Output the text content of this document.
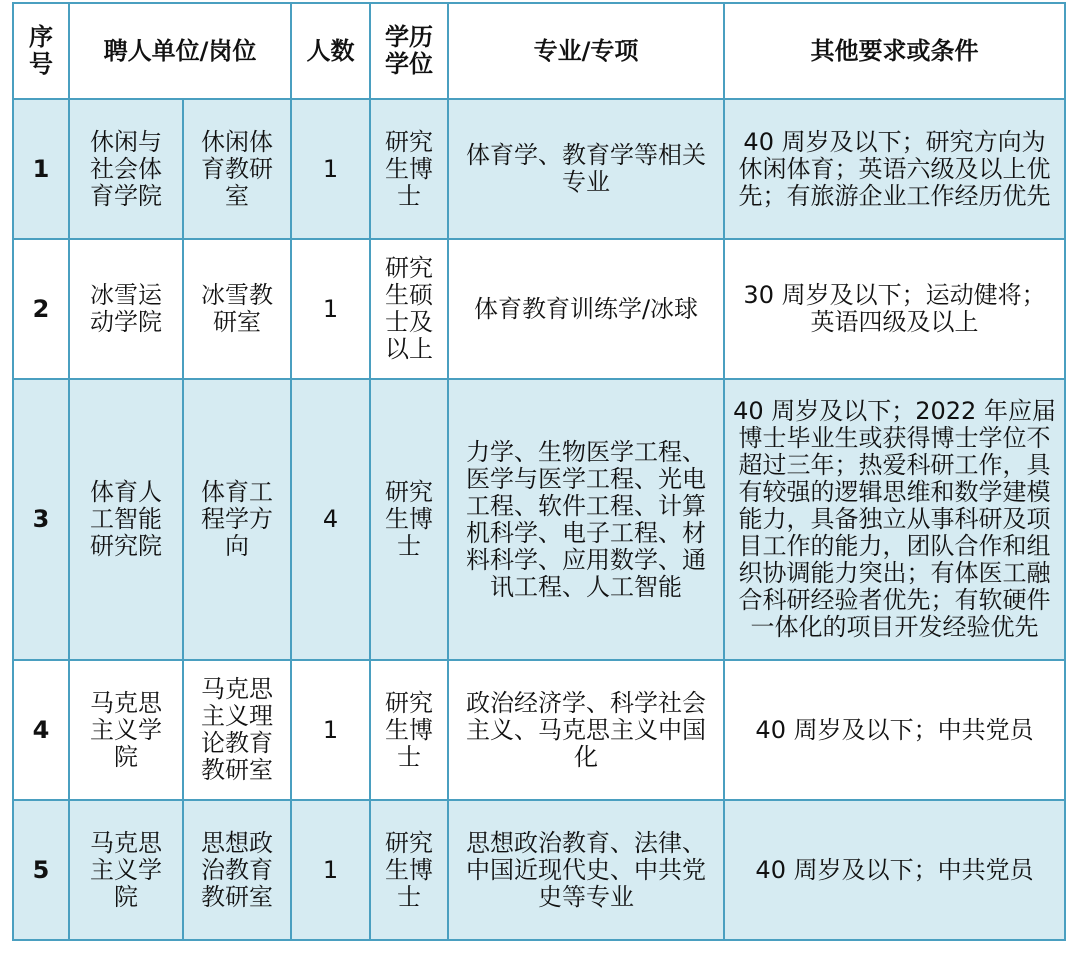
序号	聘人单位/岗位		人数	学历学位	专业/专项	其他要求或条件
1	休闲与社会体育学院	休闲体育教研室	1	研究生博士	体育学、教育学等相关专业	40 周岁及以下；研究方向为休闲体育；英语六级及以上优先；有旅游企业工作经历优先
2	冰雪运动学院	冰雪教研室	1	研究生硕士及以上	体育教育训练学/冰球	30 周岁及以下；运动健将；英语四级及以上
3	体育人工智能研究院	体育工程学方向	4	研究生博士	力学、生物医学工程、医学与医学工程、光电工程、软件工程、计算机科学、电子工程、材料科学、应用数学、通讯工程、人工智能	40 周岁及以下；2022 年应届博士毕业生或获得博士学位不超过三年；热爱科研工作，具有较强的逻辑思维和数学建模能力，具备独立从事科研及项目工作的能力，团队合作和组织协调能力突出；有体医工融合科研经验者优先；有软硬件一体化的项目开发经验优先
4	马克思主义学院	马克思主义理论教育教研室	1	研究生博士	政治经济学、科学社会主义、马克思主义中国化	40 周岁及以下；中共党员
5	马克思主义学院	思想政治教育教研室	1	研究生博士	思想政治教育、法律、中国近现代史、中共党史等专业	40 周岁及以下；中共党员
